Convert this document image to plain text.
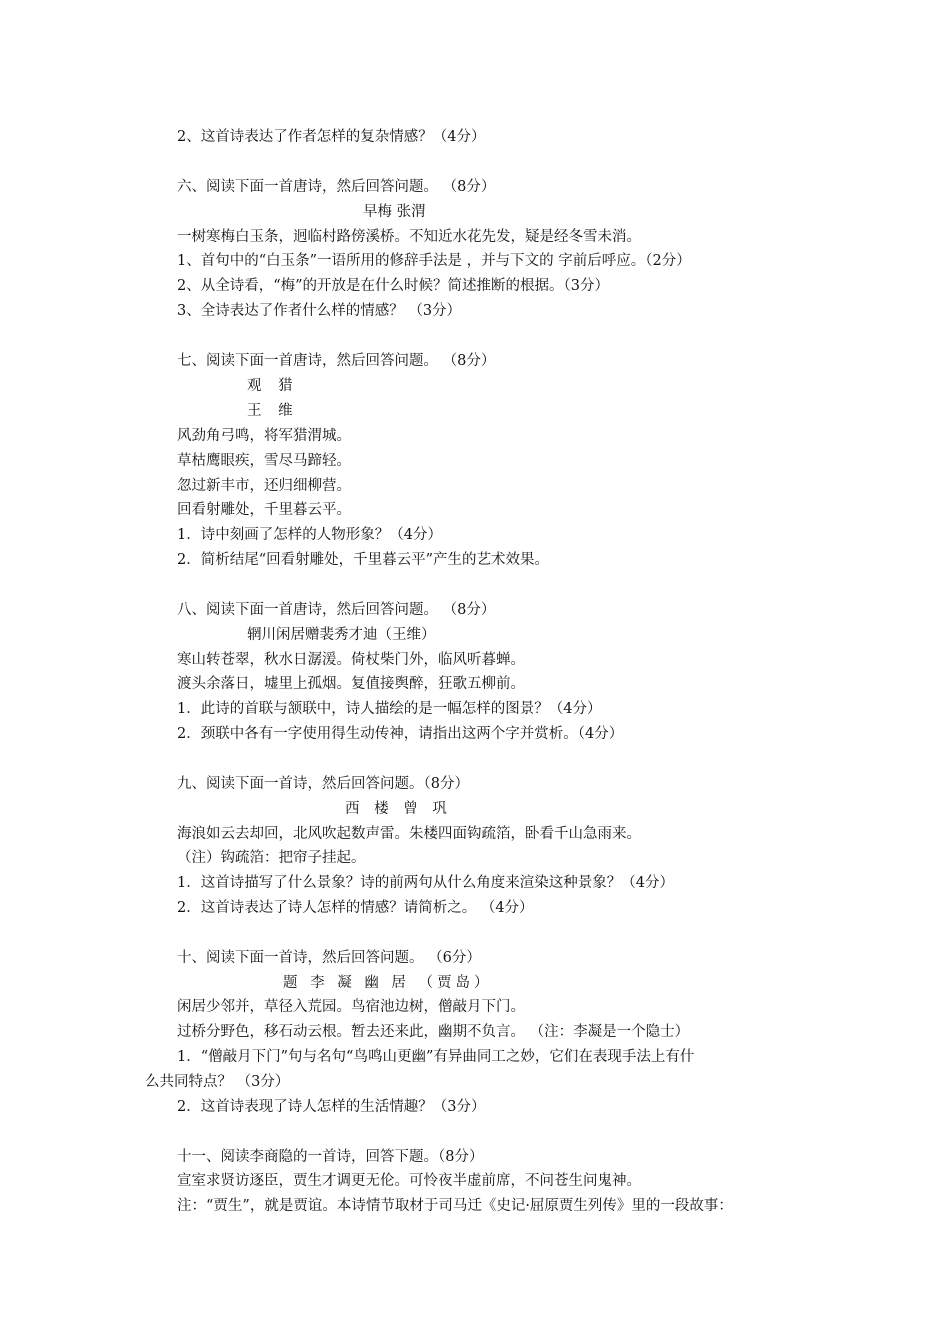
2、这首诗表达了作者怎样的复杂情感？（4分）
六、阅读下面一首唐诗，然后回答问题。 （8分）
早梅 张渭
一树寒梅白玉条，迥临村路傍溪桥。不知近水花先发，疑是经冬雪未消。
1、首句中的“白玉条”一语所用的修辞手法是 ，并与下文的 字前后呼应。（2分）
2、从全诗看，“梅”的开放是在什么时候？简述推断的根据。（3分）
3、全诗表达了作者什么样的情感？ （3分）
七、阅读下面一首唐诗，然后回答问题。 （8分）
观 猎
王 维
风劲角弓鸣，将军猎渭城。
草枯鹰眼疾，雪尽马蹄轻。
忽过新丰市，还归细柳营。
回看射雕处，千里暮云平。
1．诗中刻画了怎样的人物形象？（4分）
2．简析结尾“回看射雕处，千里暮云平”产生的艺术效果。
八、阅读下面一首唐诗，然后回答问题。 （8分）
辋川闲居赠裴秀才迪（王维）
寒山转苍翠，秋水日潺湲。倚杖柴门外，临风听暮蝉。
渡头余落日，墟里上孤烟。复值接舆醉，狂歌五柳前。
1．此诗的首联与颔联中，诗人描绘的是一幅怎样的图景？（4分）
2．颈联中各有一字使用得生动传神，请指出这两个字并赏析。（4分）
九、阅读下面一首诗，然后回答问题。（8分）
西 楼 曾 巩
海浪如云去却回，北风吹起数声雷。朱楼四面钩疏箔，卧看千山急雨来。
（注）钩疏箔：把帘子挂起。
1．这首诗描写了什么景象？诗的前两句从什么角度来渲染这种景象？（4分）
2．这首诗表达了诗人怎样的情感？请简析之。 （4分）
十、阅读下面一首诗，然后回答问题。 （6分）
题 李 凝 幽 居 （贾岛）
闲居少邻并，草径入荒园。鸟宿池边树，僧敲月下门。
过桥分野色，移石动云根。暂去还来此，幽期不负言。 （注：李凝是一个隐士）
1．“僧敲月下门”句与名句“鸟鸣山更幽”有异曲同工之妙，它们在表现手法上有什
么共同特点？ （3分）
2．这首诗表现了诗人怎样的生活情趣？（3分）
十一、阅读李商隐的一首诗，回答下题。（8分）
宣室求贤访逐臣，贾生才调更无伦。可怜夜半虚前席，不问苍生问鬼神。
注：“贾生”，就是贾谊。本诗情节取材于司马迁《史记·屈原贾生列传》里的一段故事：
